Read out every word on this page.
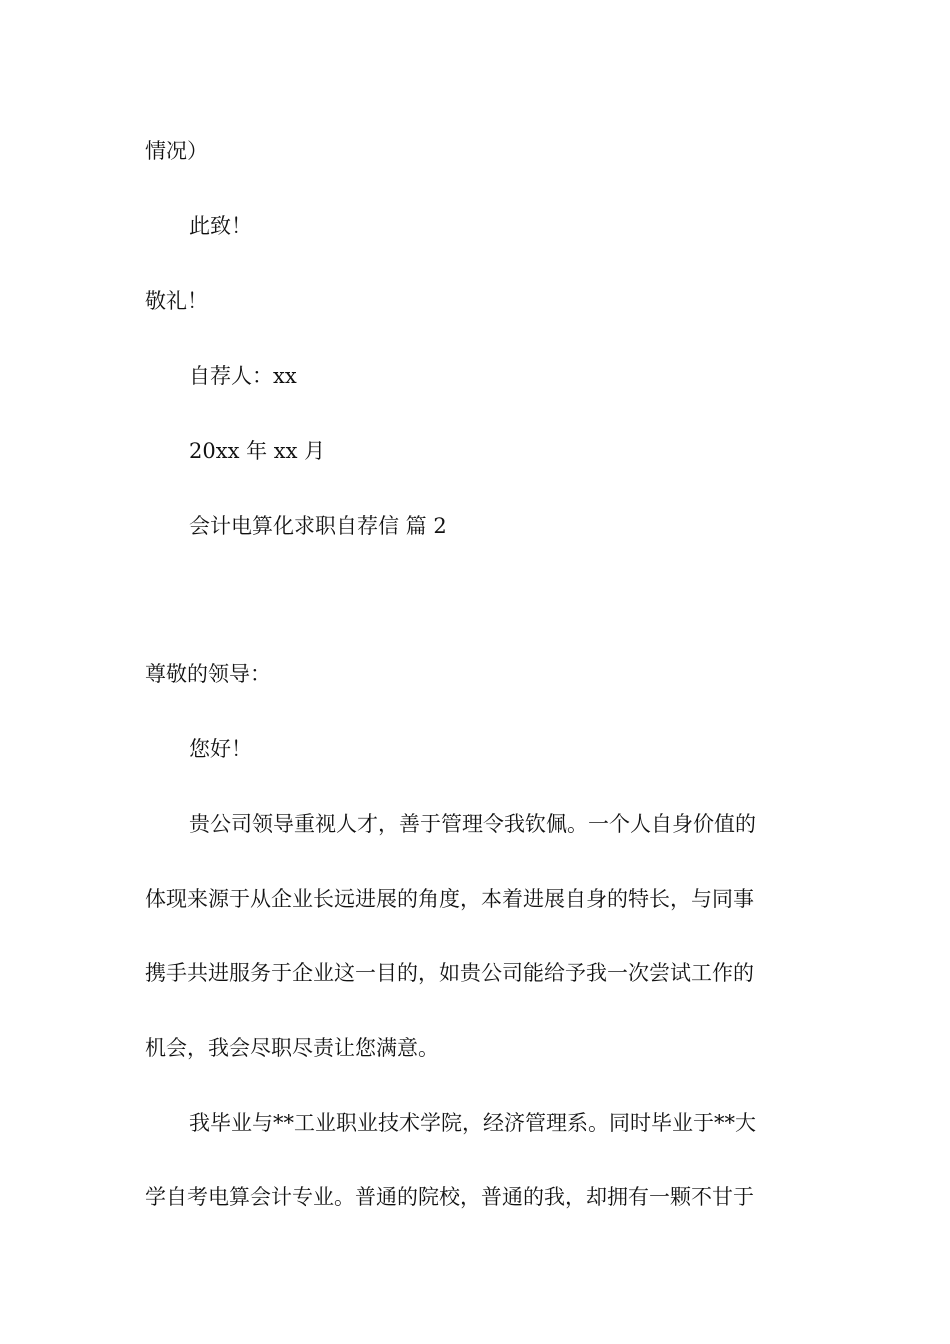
情况）
此致！
敬礼！
自荐人：xx
20xx 年 xx 月
会计电算化求职自荐信 篇 2
尊敬的领导：
您好！
贵公司领导重视人才，善于管理令我钦佩。一个人自身价值的
体现来源于从企业长远进展的角度，本着进展自身的特长，与同事
携手共进服务于企业这一目的，如贵公司能给予我一次尝试工作的
机会，我会尽职尽责让您满意。
我毕业与**工业职业技术学院，经济管理系。同时毕业于**大
学自考电算会计专业。普通的院校，普通的我，却拥有一颗不甘于
